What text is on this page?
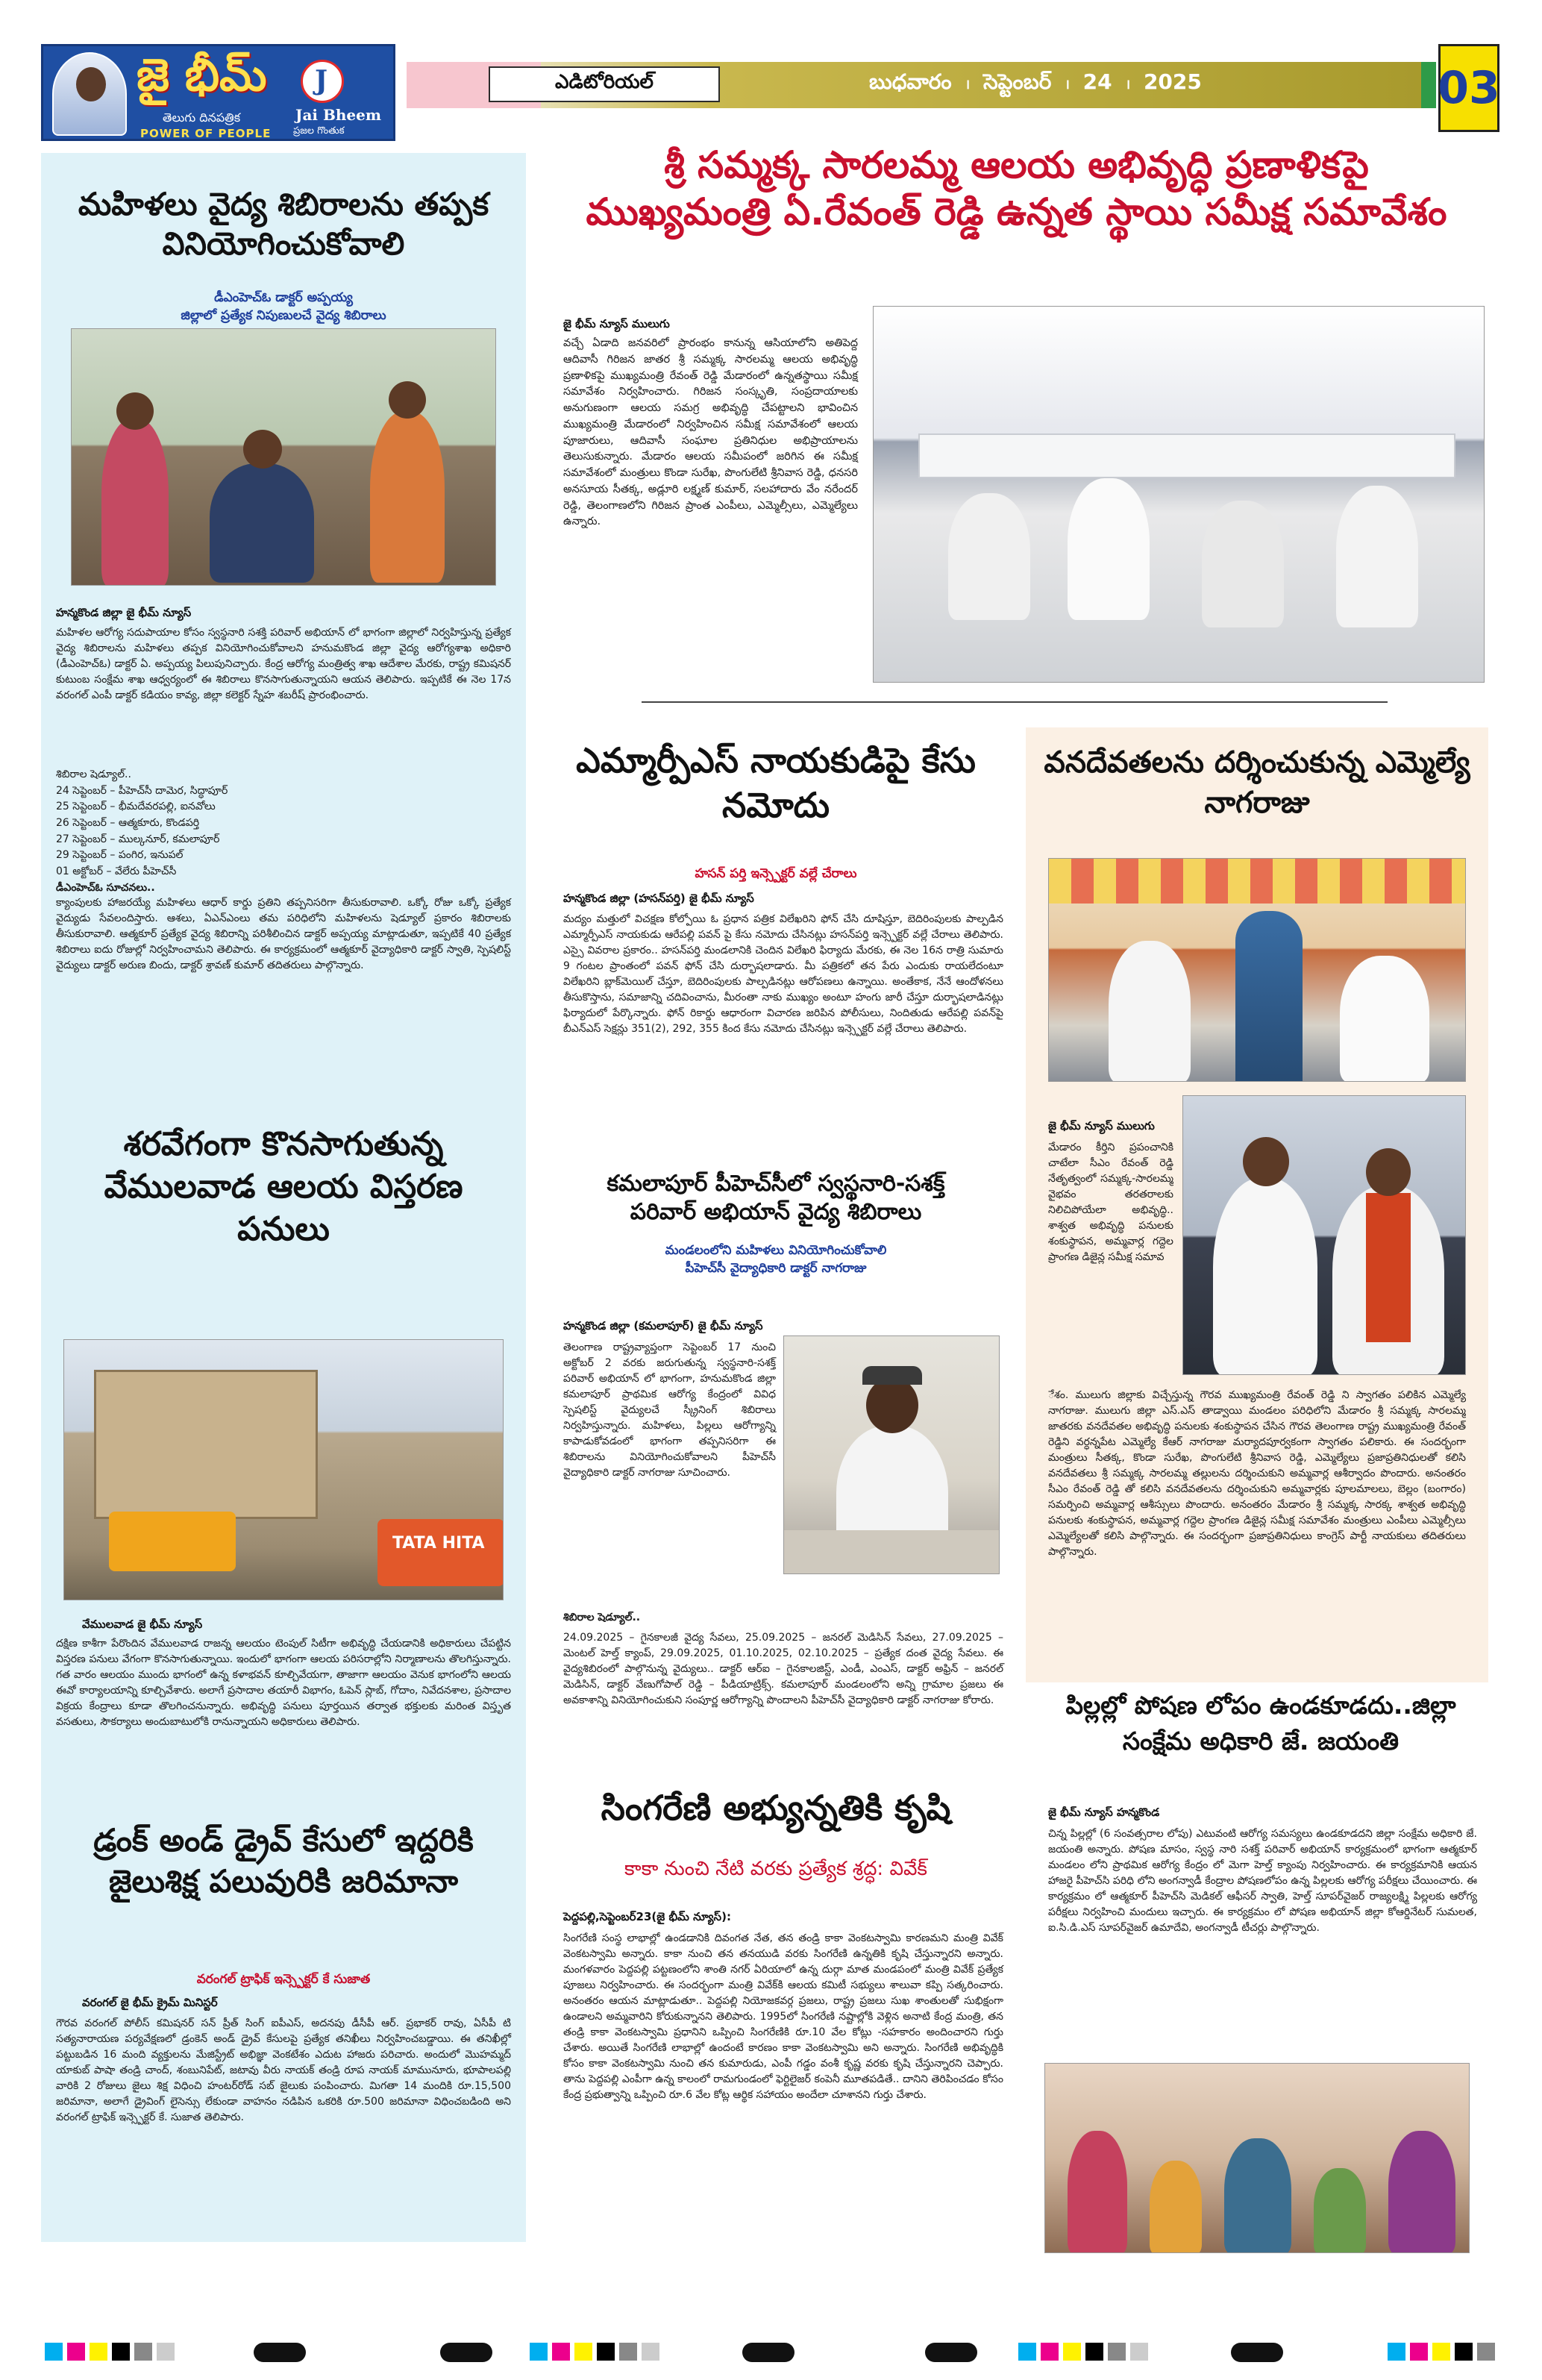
జై భీమ్
తెలుగు దినపత్రిక
POWER OF PEOPLE
J
Jai Bheem
ప్రజల గొంతుక
ఎడిటోరియల్	బుధవారం । సెప్టెంబర్ । 24 । 2025	03
మహిళలు వైద్య శిబిరాలను తప్పక వినియోగించుకోవాలి
డీఎంహెచ్ఓ డాక్టర్ అప్పయ్య
జిల్లాలో ప్రత్యేక నిపుణులచే వైద్య శిబిరాలు
హన్మకొండ జిల్లా జై భీమ్ న్యూస్
మహిళల ఆరోగ్య సదుపాయాల కోసం స్వస్థనారి సశక్తి పరివార్ అభియాన్ లో భాగంగా జిల్లాలో నిర్వహిస్తున్న ప్రత్యేక వైద్య శిబిరాలను మహిళలు తప్పక వినియోగించుకోవాలని హనుమకొండ జిల్లా వైద్య ఆరోగ్యశాఖ అధికారి (డీఎంహెచ్ఓ) డాక్టర్ ఏ. అప్పయ్య పిలుపునిచ్చారు. కేంద్ర ఆరోగ్య మంత్రిత్వ శాఖ ఆదేశాల మేరకు, రాష్ట్ర కమిషనర్ కుటుంబ సంక్షేమ శాఖ ఆధ్వర్యంలో ఈ శిబిరాలు కొనసాగుతున్నాయని ఆయన తెలిపారు. ఇప్పటికే ఈ నెల 17న వరంగల్ ఎంపీ డాక్టర్ కడియం కావ్య, జిల్లా కలెక్టర్ స్నేహ శబరీష్ ప్రారంభించారు.
శిబిరాల షెడ్యూల్..
24 సెప్టెంబర్ – పీహెచ్‌సీ దామెర, సిద్ధాపూర్
25 సెప్టెంబర్ – భీమదేవరపల్లి, ఐనవోలు
26 సెప్టెంబర్ – ఆత్మకూరు, కొండపర్తి
27 సెప్టెంబర్ – ముల్కనూర్, కమలాపూర్
29 సెప్టెంబర్ – పంగిర, ఇనుపల్
01 అక్టోబర్ – వేలేరు పీహెచ్‌సీ
డీఎంహెచ్ఓ సూచనలు..
క్యాంపులకు హాజరయ్యే మహిళలు ఆధార్ కార్డు ప్రతిని తప్పనిసరిగా తీసుకురావాలి. ఒక్కో రోజు ఒక్కో ప్రత్యేక వైద్యుడు సేవలందిస్తారు. ఆశలు, ఏఎన్ఎంలు తమ పరిధిలోని మహిళలను షెడ్యూల్ ప్రకారం శిబిరాలకు తీసుకురావాలి. ఆత్మకూర్ ప్రత్యేక వైద్య శిబిరాన్ని పరిశీలించిన డాక్టర్ అప్పయ్య మాట్లాడుతూ, ఇప్పటికే 40 ప్రత్యేక శిబిరాలు ఐదు రోజుల్లో నిర్వహించామని తెలిపారు. ఈ కార్యక్రమంలో ఆత్మకూర్ వైద్యాధికారి డాక్టర్ స్వాతి, స్పెషలిస్ట్ వైద్యులు డాక్టర్ అరుణ బిందు, డాక్టర్ శ్రావణ్ కుమార్ తదితరులు పాల్గొన్నారు.
శరవేగంగా కొనసాగుతున్న వేములవాడ ఆలయ విస్తరణ పనులు
TATA HITA
వేములవాడ జై భీమ్ న్యూస్
దక్షిణ కాశీగా పేరొందిన వేములవాడ రాజన్న ఆలయం టెంపుల్ సిటీగా అభివృద్ధి చేయడానికి అధికారులు చేపట్టిన విస్తరణ పనులు వేగంగా కొనసాగుతున్నాయి. ఇందులో భాగంగా ఆలయ పరిసరాల్లోని నిర్మాణాలను తొలగిస్తున్నారు. గత వారం ఆలయం ముందు భాగంలో ఉన్న కళాభవన్ కూల్చివేయగా, తాజాగా ఆలయం వెనుక భాగంలోని ఆలయ ఈవో కార్యాలయాన్ని కూల్చివేశారు. అలాగే ప్రసాదాల తయారీ విభాగం, ఓపెన్ స్లాబ్, గోదాం, నివేదనశాల, ప్రసాదాల విక్రయ కేంద్రాలు కూడా తొలగించనున్నారు. అభివృద్ధి పనులు పూర్తయిన తర్వాత భక్తులకు మరింత విస్తృత వసతులు, సౌకర్యాలు అందుబాటులోకి రానున్నాయని అధికారులు తెలిపారు.
డ్రంక్ అండ్ డ్రైవ్ కేసులో ఇద్దరికి జైలుశిక్ష పలువురికి జరిమానా
వరంగల్ ట్రాఫిక్ ఇన్స్పెక్టర్ కే సుజాత
వరంగల్ జై భీమ్ క్రైమ్ మినిస్టర్
గౌరవ వరంగల్ పోలీస్ కమిషనర్ సన్ ప్రీత్ సింగ్ ఐపీఎస్, అదనపు డీసీపీ ఆర్. ప్రభాకర్ రావు, ఏసీపీ టి సత్యనారాయణ పర్యవేక్షణలో డ్రంకెన్ అండ్ డ్రైవ్ కేసులపై ప్రత్యేక తనిఖీలు నిర్వహించబడ్డాయి. ఈ తనిఖీల్లో పట్టుబడిన 16 మంది వ్యక్తులను మేజిస్ట్రేట్ అభిజ్ఞా వెంకటేశం ఎదుట హాజరు పరిచారు. అందులో మొహమ్మద్ యాకుబ్ పాషా తండ్రి చాంద్, శంబునిపేట్, జటావు వీరు నాయక్ తండ్రి రూప నాయక్ మామునూరు, భూపాలపల్లి వారికి 2 రోజులు జైలు శిక్ష విధించి హంటర్‌రోడ్ సబ్ జైలుకు పంపించారు. మిగతా 14 మందికి రూ.15,500 జరిమానా, అలాగే డ్రైవింగ్ లైసెన్సు లేకుండా వాహనం నడిపిన ఒకరికి రూ.500 జరిమానా విధించబడింది అని వరంగల్ ట్రాఫిక్ ఇన్స్పెక్టర్ కే. సుజాత తెలిపారు.
శ్రీ సమ్మక్క సారలమ్మ ఆలయ అభివృద్ధి ప్రణాళికపై
ముఖ్యమంత్రి ఏ.రేవంత్ రెడ్డి ఉన్నత స్థాయి సమీక్ష సమావేశం
జై భీమ్ న్యూస్ ములుగు
వచ్చే ఏడాది జనవరిలో ప్రారంభం కానున్న ఆసియాలోని అతిపెద్ద ఆదివాసీ గిరిజన జాతర శ్రీ సమ్మక్క సారలమ్మ ఆలయ అభివృద్ధి ప్రణాళికపై ముఖ్యమంత్రి రేవంత్ రెడ్డి మేడారంలో ఉన్నతస్థాయి సమీక్ష సమావేశం నిర్వహించారు. గిరిజన సంస్కృతి, సంప్రదాయాలకు అనుగుణంగా ఆలయ సమగ్ర అభివృద్ధి చేపట్టాలని భావించిన ముఖ్యమంత్రి మేడారంలో నిర్వహించిన సమీక్ష సమావేశంలో ఆలయ పూజారులు, ఆదివాసీ సంఘాల ప్రతినిధుల అభిప్రాయాలను తెలుసుకున్నారు. మేడారం ఆలయ సమీపంలో జరిగిన ఈ సమీక్ష సమావేశంలో మంత్రులు కొండా సురేఖ, పొంగులేటి శ్రీనివాస రెడ్డి, ధనసరి అనసూయ సీతక్క, అడ్లూరి లక్ష్మణ్ కుమార్, సలహాదారు వేం నరేందర్ రెడ్డి, తెలంగాణలోని గిరిజన ప్రాంత ఎంపీలు, ఎమ్మెల్సీలు, ఎమ్మెల్యేలు ఉన్నారు.
ఎమ్మార్పీఎస్ నాయకుడిపై కేసు నమోదు
హసన్ పర్తి ఇన్స్పెక్టర్ వల్లే చేరాలు
హన్మకొండ జిల్లా (హసన్‌పర్తి) జై భీమ్ న్యూస్
మద్యం మత్తులో విచక్షణ కోల్పోయి ఓ ప్రధాన పత్రిక విలేఖరిని ఫోన్ చేసి దూషిస్తూ, బెదిరింపులకు పాల్పడిన ఎమ్మార్పీఎస్ నాయకుడు ఆరేపల్లి పవన్ పై కేసు నమోదు చేసినట్లు హసన్‌పర్తి ఇన్స్పెక్టర్ వల్లే చేరాలు తెలిపారు. ఎస్సై వివరాల ప్రకారం.. హసన్‌పర్తి మండలానికి చెందిన విలేఖరి ఫిర్యాదు మేరకు, ఈ నెల 16న రాత్రి సుమారు 9 గంటల ప్రాంతంలో పవన్ ఫోన్ చేసి దుర్భాషలాడారు. మీ పత్రికలో తన పేరు ఎందుకు రాయలేదంటూ విలేఖరిని బ్లాక్‌మెయిల్ చేస్తూ, బెదిరింపులకు పాల్పడినట్లు ఆరోపణలు ఉన్నాయి. అంతేకాక, నేనే ఆందోళనలు తీసుకొస్తాను, సమాజాన్ని చదివించాను, మీరంతా నాకు ముఖ్యం అంటూ హంగు జారీ చేస్తూ దుర్భాషలాడినట్లు ఫిర్యాదులో పేర్కొన్నారు. ఫోన్ రికార్డు ఆధారంగా విచారణ జరిపిన పోలీసులు, నిందితుడు ఆరేపల్లి పవన్‌పై బీఎన్ఎస్ సెక్షన్లు 351(2), 292, 355 కింద కేసు నమోదు చేసినట్లు ఇన్స్పెక్టర్ వల్లే చేరాలు తెలిపారు.
కమలాపూర్ పీహెచ్‌సీలో స్వస్థనారి-సశక్త్
పరివార్ అభియాన్ వైద్య శిబిరాలు
మండలంలోని మహిళలు వినియోగించుకోవాలి
పీహెచ్‌సీ వైద్యాధికారి డాక్టర్ నాగరాజు
హన్మకొండ జిల్లా (కమలాపూర్) జై భీమ్ న్యూస్
తెలంగాణ రాష్ట్రవ్యాప్తంగా సెప్టెంబర్ 17 నుంచి అక్టోబర్ 2 వరకు జరుగుతున్న స్వస్థనారి-సశక్త్ పరివార్ అభియాన్ లో భాగంగా, హనుమకొండ జిల్లా కమలాపూర్ ప్రాథమిక ఆరోగ్య కేంద్రంలో వివిధ స్పెషలిస్ట్ వైద్యులచే స్క్రీనింగ్ శిబిరాలు నిర్వహిస్తున్నారు. మహిళలు, పిల్లలు ఆరోగ్యాన్ని కాపాడుకోవడంలో భాగంగా తప్పనిసరిగా ఈ శిబిరాలను వినియోగించుకోవాలని పీహెచ్‌సీ వైద్యాధికారి డాక్టర్ నాగరాజు సూచించారు.
శిబిరాల షెడ్యూల్..
24.09.2025 – గైనకాలజీ వైద్య సేవలు, 25.09.2025 – జనరల్ మెడిసిన్ సేవలు, 27.09.2025 – మెంటల్ హెల్త్ క్యాంప్, 29.09.2025, 01.10.2025, 02.10.2025 – ప్రత్యేక దంత వైద్య సేవలు. ఈ వైద్యశిబిరంలో పాల్గొనున్న వైద్యులు.. డాక్టర్ ఆర్‌ఐ – గైనకాలజిస్ట్, ఎండీ, ఎంఎస్, డాక్టర్ అఫ్రిన్ – జనరల్ మెడిసిన్, డాక్టర్ వేణుగోపాల్ రెడ్డి – పీడియాట్రిక్స్. కమలాపూర్ మండలంలోని అన్ని గ్రామాల ప్రజలు ఈ అవకాశాన్ని వినియోగించుకుని సంపూర్ణ ఆరోగ్యాన్ని పొందాలని పీహెచ్‌సీ వైద్యాధికారి డాక్టర్ నాగరాజు కోరారు.
సింగరేణి అభ్యున్నతికి కృషి
కాకా నుంచి నేటి వరకు ప్రత్యేక శ్రద్ధ: వివేక్
పెద్దపల్లి,సెప్టెంబర్23(జై భీమ్ న్యూస్):
సింగరేణి సంస్థ లాభాల్లో ఉండడానికి దివంగత నేత, తన తండ్రి కాకా వెంకటస్వామి కారణమని మంత్రి వివేక్ వెంకటస్వామి అన్నారు. కాకా నుంచి తన తనయుడి వరకు సింగరేణి ఉన్నతికి కృషి చేస్తున్నారని అన్నారు. మంగళవారం పెద్దపల్లి పట్టణంలోని శాంతి నగర్ ఏరియాలో ఉన్న దుర్గా మాత మండపంలో మంత్రి వివేక్ ప్రత్యేక పూజలు నిర్వహించారు. ఈ సందర్భంగా మంత్రి వివేక్‌కి ఆలయ కమిటీ సభ్యులు శాలువా కప్పి సత్కరించారు. అనంతరం ఆయన మాట్లాడుతూ.. పెద్దపల్లి నియోజకవర్గ ప్రజలు, రాష్ట్ర ప్రజలు సుఖ శాంతులతో సుభిక్షంగా ఉండాలని అమ్మవారిని కోరుకున్నానని తెలిపారు. 1995లో సింగరేణి నష్టాల్లోకి వెళ్లిన అనాటి కేంద్ర మంత్రి, తన తండ్రి కాకా వెంకటస్వామి ప్రధానిని ఒప్పించి సింగరేణికి రూ.10 వేల కోట్లు -సహకారం అందించారని గుర్తు చేశారు. అయితే సింగరేణి లాభాల్లో ఉందంటే కారణం కాకా వెంకటస్వామి అని అన్నారు. సింగరేణి అభివృద్ధికి కోసం కాకా వెంకటస్వామి నుంచి తన కుమారుడు, ఎంపీ గడ్డం వంశీ కృష్ణ వరకు కృషి చేస్తున్నారని చెప్పారు. తాను పెద్దపల్లి ఎంపీగా ఉన్న కాలంలో రామగుండంలో ఫెర్టిలైజర్ కంపెనీ మూతపడితే.. దానిని తెరిపించడం కోసం కేంద్ర ప్రభుత్వాన్ని ఒప్పించి రూ.6 వేల కోట్ల ఆర్థిక సహాయం అందేలా చూశానని గుర్తు చేశారు.
వనదేవతలను దర్శించుకున్న ఎమ్మెల్యే నాగరాజు
జై భీమ్ న్యూస్ ములుగు
మేడారం కీర్తిని ప్రపంచానికి చాటేలా సీఎం రేవంత్ రెడ్డి నేతృత్వంలో సమ్మక్క-సారలమ్మ వైభవం తరతరాలకు నిలిచిపోయేలా అభివృద్ధి.. శాశ్వత అభివృద్ధి పనులకు శంకుస్థాపన, అమ్మవార్ల గద్దెల ప్రాంగణ డిజైన్ల సమీక్ష సమావ
ేశం. ములుగు జిల్లాకు విచ్చేస్తున్న గౌరవ ముఖ్యమంత్రి రేవంత్ రెడ్డి ని స్వాగతం పలికిన ఎమ్మెల్యే నాగరాజు. ములుగు జిల్లా ఎస్.ఎస్ తాడ్వాయి మండలం పరిధిలోని మేడారం శ్రీ సమ్మక్క సారలమ్మ జాతరకు వనదేవతల అభివృద్ధి పనులకు శంకుస్థాపన చేసిన గౌరవ తెలంగాణ రాష్ట్ర ముఖ్యమంత్రి రేవంత్ రెడ్డిని వర్ధన్నపేట ఎమ్మెల్యే కేఆర్ నాగరాజు మర్యాదపూర్వకంగా స్వాగతం పలికారు. ఈ సందర్భంగా మంత్రులు సీతక్క, కొండా సురేఖ, పొంగులేటి శ్రీనివాస రెడ్డి, ఎమ్మెల్యేలు ప్రజాప్రతినిధులతో కలిసి వనదేవతలు శ్రీ సమ్మక్క సారలమ్మ తల్లులను దర్శించుకుని అమ్మవార్ల ఆశీర్వాదం పొందారు. అనంతరం సీఎం రేవంత్ రెడ్డి తో కలిసి వనదేవతలను దర్శించుకుని అమ్మవార్లకు పూలమాలలు, బెల్లం (బంగారం) సమర్పించి అమ్మవార్ల ఆశీస్సులు పొందారు. అనంతరం మేడారం శ్రీ సమ్మక్క సారక్క శాశ్వత అభివృద్ధి పనులకు శంకుస్థాపన, అమ్మవార్ల గద్దెల ప్రాంగణ డిజైన్ల సమీక్ష సమావేశం మంత్రులు ఎంపీలు ఎమ్మెల్సీలు ఎమ్మెల్యేలతో కలిసి పాల్గొన్నారు. ఈ సందర్భంగా ప్రజాప్రతినిధులు కాంగ్రెస్ పార్టీ నాయకులు తదితరులు పాల్గొన్నారు.
పిల్లల్లో పోషణ లోపం ఉండకూడదు..జిల్లా సంక్షేమ అధికారి జే. జయంతి
జై భీమ్ న్యూస్ హన్మకొండ
చిన్న పిల్లల్లో (6 సంవత్సరాల లోపు) ఎటువంటి ఆరోగ్య సమస్యలు ఉండకూడదని జిల్లా సంక్షేమ అధికారి జే. జయంతి అన్నారు. పోషణ మాసం, స్వస్థ నారి సశక్త్ పరివార్ అభియాన్ కార్యక్రమంలో భాగంగా ఆత్మకూర్ మండలం లోని ప్రాథమిక ఆరోగ్య కేంద్రం లో మెగా హెల్త్ క్యాంపు నిర్వహించారు. ఈ కార్యక్రమానికి ఆయన హాజరై పీహెచ్‌సి పరిధి లోని అంగన్వాడీ కేంద్రాల పోషణలోపం ఉన్న పిల్లలకు ఆరోగ్య పరీక్షలు చేయించారు. ఈ కార్యక్రమం లో ఆత్మకూర్ పీహెచ్‌సి మెడికల్ ఆఫీసర్ స్వాతి, హెల్త్ సూపర్‌వైజర్ రాజ్యలక్ష్మి పిల్లలకు ఆరోగ్య పరీక్షలు నిర్వహించి మందులు ఇచ్చారు. ఈ కార్యక్రమం లో పోషణ అభియాన్ జిల్లా కోఆర్డినేటర్ సుమలత, ఐ.సి.డి.ఎస్ సూపర్‌వైజర్ ఉమాదేవి, అంగన్వాడీ టీచర్లు పాల్గొన్నారు.
